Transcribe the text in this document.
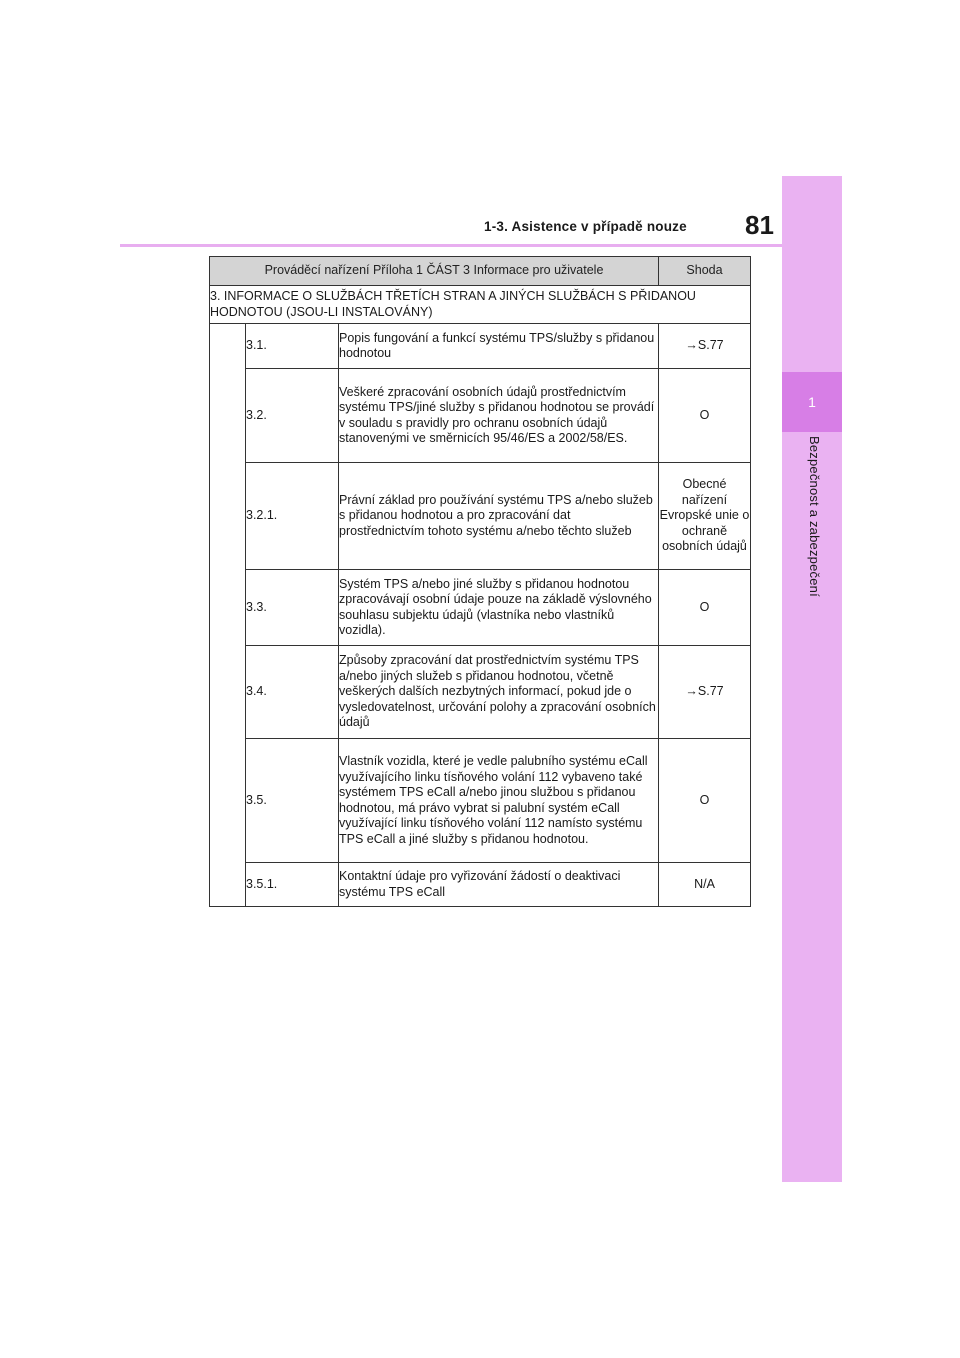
1-3. Asistence v případě nouze 81
1
Bezpečnost a zabezpečení
Prováděcí nařízení Příloha 1 ČÁST 3 Informace pro uživatele			Shoda
3. INFORMACE O SLUŽBÁCH TŘETÍCH STRAN A JINÝCH SLUŽBÁCH S PŘIDANOU HODNOTOU (JSOU-LI INSTALOVÁNY)			
	3.1.	Popis fungování a funkcí systému TPS/služby s přidanou hodnotou	→S.77
	3.2.	Veškeré zpracování osobních údajů prostřednictvím systému TPS/jiné služby s přidanou hodnotou se provádí v souladu s pravidly pro ochranu osobních údajů stanovenými ve směrnicích 95/46/ES a 2002/58/ES.	O
	3.2.1.	Právní základ pro používání systému TPS a/nebo služeb s přidanou hodnotou a pro zpracování dat prostřednictvím tohoto systému a/nebo těchto služeb	Obecné nařízení Evropské unie o ochraně osobních údajů
	3.3.	Systém TPS a/nebo jiné služby s přidanou hodnotou zpracovávají osobní údaje pouze na základě výslovného souhlasu subjektu údajů (vlastníka nebo vlastníků vozidla).	O
	3.4.	Způsoby zpracování dat prostřednictvím systému TPS a/nebo jiných služeb s přidanou hodnotou, včetně veškerých dalších nezbytných informací, pokud jde o vysledovatelnost, určování polohy a zpracování osobních údajů	→S.77
	3.5.	Vlastník vozidla, které je vedle palubního systému eCall využívajícího linku tísňového volání 112 vybaveno také systémem TPS eCall a/nebo jinou službou s přidanou hodnotou, má právo vybrat si palubní systém eCall využívající linku tísňového volání 112 namísto systému TPS eCall a jiné služby s přidanou hodnotou.	O
	3.5.1.	Kontaktní údaje pro vyřizování žádostí o deaktivaci systému TPS eCall	N/A
